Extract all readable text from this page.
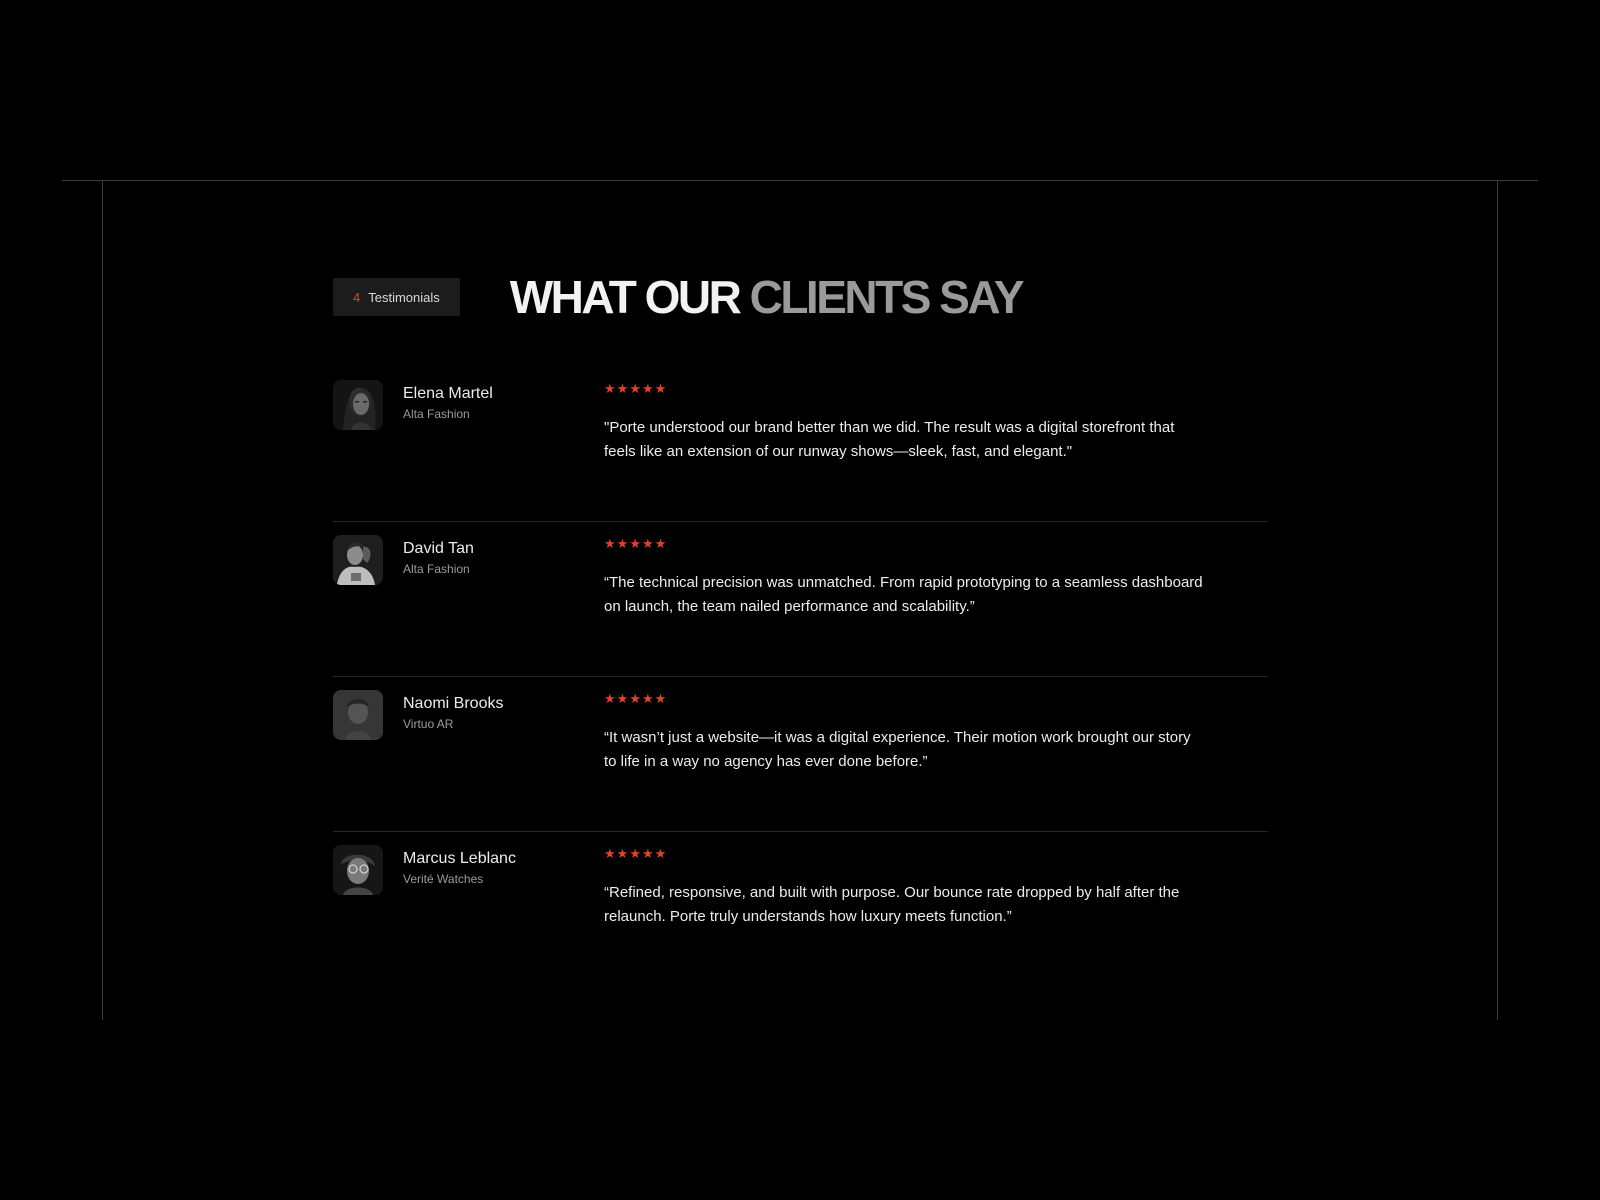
4 Testimonials WHAT OUR CLIENTS SAY
Elena Martel
Alta Fashion
★ ★ ★ ★ ★
"Porte understood our brand better than we did. The result was a digital storefront that feels like an extension of our runway shows—sleek, fast, and elegant."
David Tan
Alta Fashion
★ ★ ★ ★ ★
“The technical precision was unmatched. From rapid prototyping to a seamless dashboard on launch, the team nailed performance and scalability.”
Naomi Brooks
Virtuo AR
★ ★ ★ ★ ★
“It wasn’t just a website—it was a digital experience. Their motion work brought our story to life in a way no agency has ever done before.”
Marcus Leblanc
Verité Watches
★ ★ ★ ★ ★
“Refined, responsive, and built with purpose. Our bounce rate dropped by half after the relaunch. Porte truly understands how luxury meets function.”
